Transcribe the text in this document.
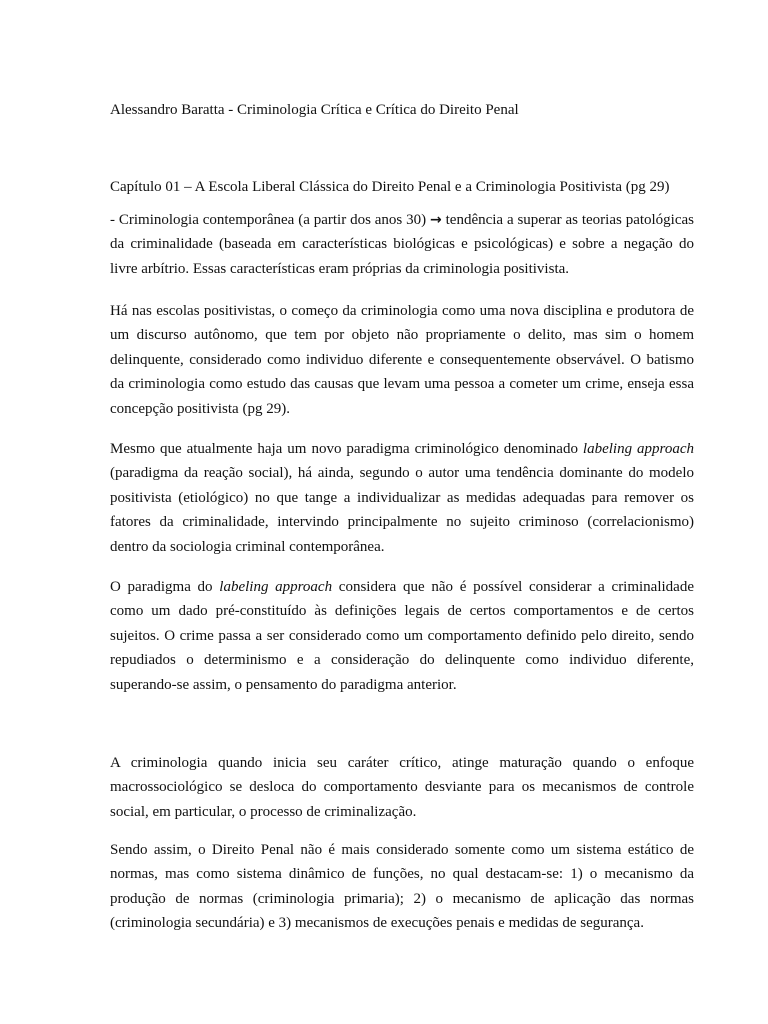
Alessandro Baratta - Criminologia Crítica e Crítica do Direito Penal
Capítulo 01 – A Escola Liberal Clássica do Direito Penal e a Criminologia Positivista (pg 29)

- Criminologia contemporânea (a partir dos anos 30) → tendência a superar as teorias patológicas da criminalidade (baseada em características biológicas e psicológicas) e sobre a negação do livre arbítrio. Essas características eram próprias da criminologia positivista.

Há nas escolas positivistas, o começo da criminologia como uma nova disciplina e produtora de um discurso autônomo, que tem por objeto não propriamente o delito, mas sim o homem delinquente, considerado como individuo diferente e consequentemente observável. O batismo da criminologia como estudo das causas que levam uma pessoa a cometer um crime, enseja essa concepção positivista (pg 29).

Mesmo que atualmente haja um novo paradigma criminológico denominado labeling approach (paradigma da reação social), há ainda, segundo o autor uma tendência dominante do modelo positivista (etiológico) no que tange a individualizar as medidas adequadas para remover os fatores da criminalidade, intervindo principalmente no sujeito criminoso (correlacionismo) dentro da sociologia criminal contemporânea.

O paradigma do labeling approach considera que não é possível considerar a criminalidade como um dado pré-constituído às definições legais de certos comportamentos e de certos sujeitos. O crime passa a ser considerado como um comportamento definido pelo direito, sendo repudiados o determinismo e a consideração do delinquente como individuo diferente, superando-se assim, o pensamento do paradigma anterior.

A criminologia quando inicia seu caráter crítico, atinge maturação quando o enfoque macrossociológico se desloca do comportamento desviante para os mecanismos de controle social, em particular, o processo de criminalização.

Sendo assim, o Direito Penal não é mais considerado somente como um sistema estático de normas, mas como sistema dinâmico de funções, no qual destacam-se: 1) o mecanismo da produção de normas (criminologia primaria); 2) o mecanismo de aplicação das normas (criminologia secundária) e 3) mecanismos de execuções penais e medidas de segurança.
